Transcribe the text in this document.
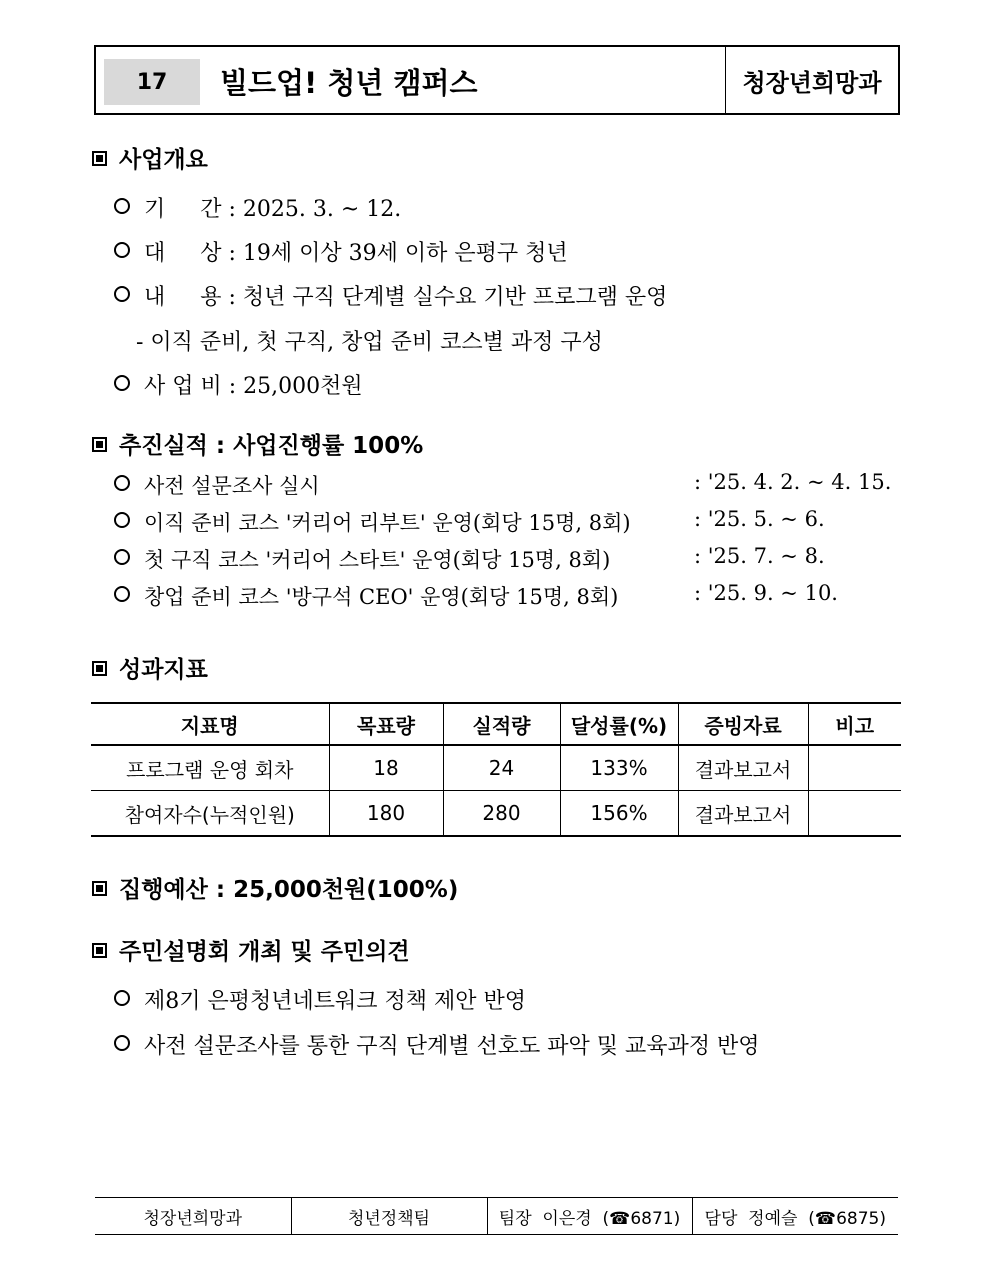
17	빌드업! 청년 캠퍼스	청장년희망과
사업개요
기     간 : 2025. 3. ~ 12.
대     상 : 19세 이상 39세 이하 은평구 청년
내     용 : 청년 구직 단계별 실수요 기반 프로그램 운영
- 이직 준비, 첫 구직, 창업 준비 코스별 과정 구성
사 업 비 : 25,000천원
추진실적 : 사업진행률 100%
사전 설문조사 실시	: '25. 4. 2. ~ 4. 15.
이직 준비 코스 '커리어 리부트' 운영(회당 15명, 8회)	: '25. 5. ~ 6.
첫 구직 코스 '커리어 스타트' 운영(회당 15명, 8회)	: '25. 7. ~ 8.
창업 준비 코스 '방구석 CEO' 운영(회당 15명, 8회)	: '25. 9. ~ 10.
성과지표
지표명	목표량	실적량	달성률(%)	증빙자료	비고
프로그램 운영 회차	18	24	133%	결과보고서	
참여자수(누적인원)	180	280	156%	결과보고서	
집행예산 : 25,000천원(100%)
주민설명회 개최 및 주민의견
제8기 은평청년네트워크 정책 제안 반영
사전 설문조사를 통한 구직 단계별 선호도 파악 및 교육과정 반영
청장년희망과	청년정책팀	팀장  이은경  (☎6871)	담당  정예슬  (☎6875)
